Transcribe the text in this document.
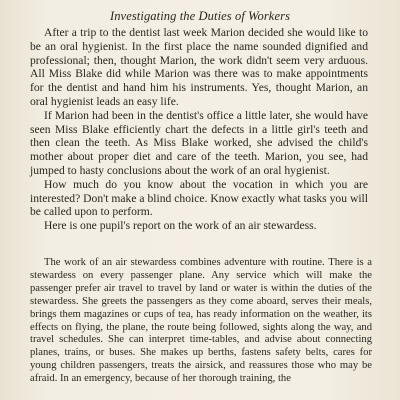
Investigating the Duties of Workers

After a trip to the dentist last week Marion decided she would like to be an oral hygienist. In the first place the name sounded dignified and professional; then, thought Marion, the work didn't seem very arduous. All Miss Blake did while Marion was there was to make appointments for the dentist and hand him his instruments. Yes, thought Marion, an oral hygienist leads an easy life.

If Marion had been in the dentist's office a little later, she would have seen Miss Blake efficiently chart the defects in a little girl's teeth and then clean the teeth. As Miss Blake worked, she advised the child's mother about proper diet and care of the teeth. Marion, you see, had jumped to hasty conclusions about the work of an oral hygienist.

How much do you know about the vocation in which you are interested? Don't make a blind choice. Know exactly what tasks you will be called upon to perform.

Here is one pupil's report on the work of an air stewardess.

The work of an air stewardess combines adventure with routine. There is a stewardess on every passenger plane. Any service which will make the passenger prefer air travel to travel by land or water is within the duties of the stewardess. She greets the passengers as they come aboard, serves their meals, brings them magazines or cups of tea, has ready information on the weather, its effects on flying, the plane, the route being followed, sights along the way, and travel schedules. She can interpret time-tables, and advise about connecting planes, trains, or buses. She makes up berths, fastens safety belts, cares for young children passengers, treats the airsick, and reassures those who may be afraid. In an emergency, because of her thorough training, the
